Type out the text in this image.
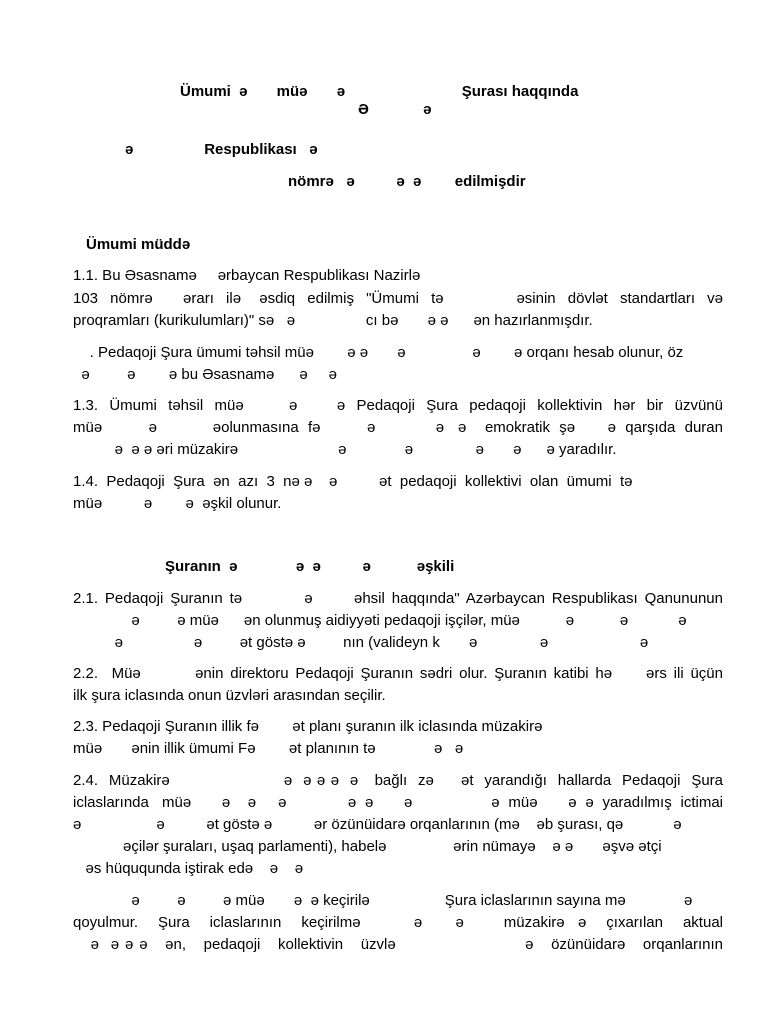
Ümumi  ə       müə       ə                            Şurası haqqında

Ə             ə

ə                 Respublikası   ə

nömrə   ə          ə  ə        edilmişdir

Ümumi müddə

1.1. Bu Əsasnamə     ərbaycan Respublikası Nazirlə

103  nömrə     ərarı  ilə   əsdiq  edilmiş  "Ümumi  tə            əsinin  dövlət  standartları  və

proqramları (kurikulumları)" sə   ə                 cı bə       ə ə      ən hazırlanmışdır.

. Pedaqoji Şura ümumi təhsil müə        ə ə       ə                ə        ə orqanı hesab olunur, öz

ə         ə        ə bu Əsasnamə      ə     ə

1.3.  Ümumi  təhsil  müə        ə       ə  Pedaqoji  Şura  pedaqoji  kollektivin  hər  bir  üzvünü

müə          ə            əolunmasına  fə          ə             ə   ə    emokratik  şə       ə  qarşıda  duran

ə  ə ə əri müzakirə                        ə              ə               ə       ə      ə yaradılır.

1.4.  Pedaqoji  Şura  ən  azı  3  nə ə    ə          ət  pedaqoji  kollektivi  olan  ümumi  tə

müə          ə        ə  əşkil olunur.

Şuranın  ə              ə  ə          ə           əşkili

2.1. Pedaqoji Şuranın tə         ə      əhsil haqqında" Azərbaycan Respublikası Qanununun

ə         ə müə      ən olunmuş aidiyyəti pedaqoji işçilər, müə           ə           ə            ə

ə                 ə         ət göstə ə         nın (valideyn k       ə               ə                      ə

2.2.  Müə        ənin direktoru Pedaqoji Şuranın sədri olur. Şuranın katibi hə     ərs ili üçün

ilk şura iclasında onun üzvləri arasından seçilir.

2.3. Pedaqoji Şuranın illik fə        ət planı şuranın ilk iclasında müzakirə

müə       ənin illik ümumi Fə        ət planının tə              ə   ə

2.4.  Müzakirə                     ə  ə ə ə  ə   bağlı  zə     ət  yarandığı  hallarda  Pedaqoji  Şura

iclaslarında   müə       ə    ə     ə              ə  ə       ə                  ə  müə       ə  ə  yaradılmış  ictimai

ə                  ə          ət göstə ə          ər özünüidarə orqanlarının (mə    əb şurası, qə            ə

əçilər şuraları, uşaq parlamenti), habelə                ərin nümayə    ə ə       əşvə ətçi

əs hüququnda iştirak edə    ə    ə

ə         ə         ə müə       ə  ə keçirilə                  Şura iclaslarının sayına mə              ə

qoyulmur.   Şura   iclaslarının   keçirilmə        ə     ə      müzakirə  ə   çıxarılan   aktual

ə  ə ə ə   ən,   pedaqoji   kollektivin   üzvlə                      ə   özünüidarə   orqanlarının
